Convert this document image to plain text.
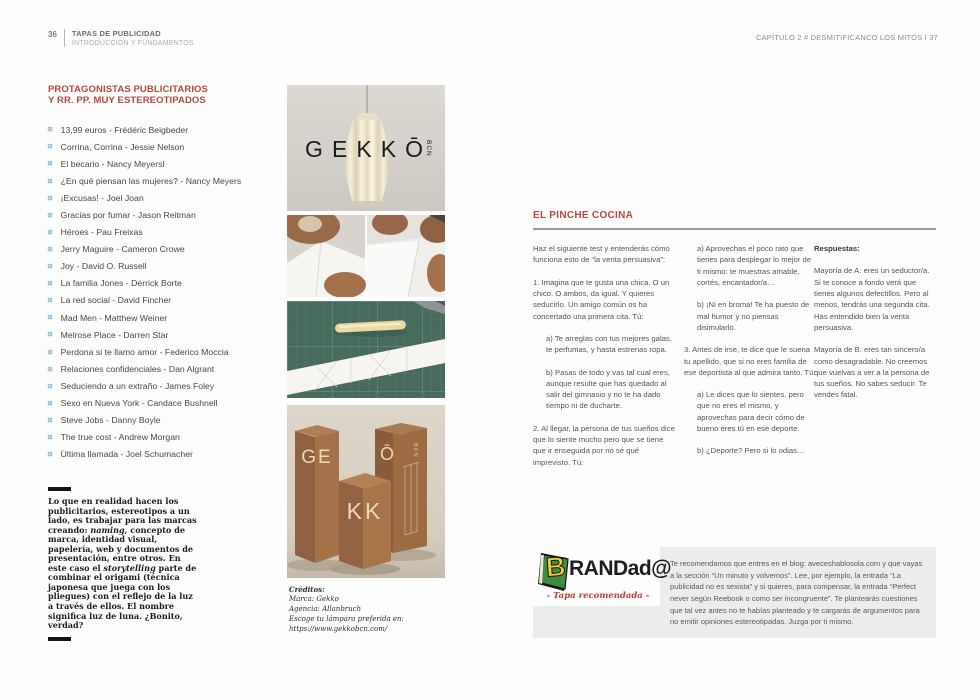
36 TAPAS DE PUBLICIDAD
INTRODUCCIÓN Y FUNDAMENTOS
CAPÍTULO 2 # DESMITIFICANCO LOS MITOS I 37
PROTAGONISTAS PUBLICITARIOS Y RR. PP. MUY ESTEREOTIPADOS
❖ 13,99 euros - Frédéric Beigbeder
❖ Corrina, Corrina - Jessie Nelson
❖ El becario - Nancy Meyersl
❖ ¿En qué piensan las mujeres? - Nancy Meyers
❖ ¡Excusas! - Joel Joan
❖ Gracias por fumar - Jason Reitman
❖ Héroes - Pau Freixas
❖ Jerry Maguire - Cameron Crowe
❖ Joy - David O. Russell
❖ La familia Jones - Derrick Borte
❖ La red social - David Fincher
❖ Mad Men - Matthew Weiner
❖ Melrose Place - Darren Star
❖ Perdona si te llamo amor - Federico Moccia
❖ Relaciones confidenciales - Dan Algrant
❖ Seduciendo a un extraño - James Foley
❖ Sexo en Nueva York - Candace Bushnell
❖ Steve Jobs - Danny Boyle
❖ The true cost - Andrew Morgan
❖ Última llamada - Joel Schumacher
Lo que en realidad hacen los publicitarios, estereotipos a un lado, es trabajar para las marcas creando: naming, concepto de marca, identidad visual, papelería, web y documentos de presentación, entre otros. En este caso el storytelling parte de combinar el origami (técnica japonesa que juega con los pliegues) con el reflejo de la luz a través de ellos. El nombre significa luz de luna. ¿Bonito, verdad?
GEKKŌ
BCN
GE	Ō	BCN
KK
Créditos:
Marca: Gekko
Agencia: Allanbruch
Escoge tu lámpara preferida en:
https://www.gekkobcn.com/
EL PINCHE COCINA

Haz el siguiente test y entenderás cómo funciona esto de “la venta persuasiva”:

1. Imagina que te gusta una chica. O un chico. O ambos, da igual. Y quieres seducirlo. Un amigo común os ha concertado una primera cita. Tú:

a) Te arreglas con tus mejores galas, te perfumas, y hasta estrenas ropa.

b) Pasas de todo y vas tal cual eres, aunque resulte que has quedado al salir del gimnasio y no te ha dado tiempo ni de ducharte.

2. Al llegar, la persona de tus sueños dice que lo siente mucho pero que se tiene que ir enseguida por no sé qué imprevisto. Tú:

a) Aprovechas el poco rato que tienes para desplegar lo mejor de ti mismo: te muestras amable, cortés, encantador/a…

b) ¡Ni en broma! Te ha puesto de mal humor y no piensas disimularlo.

3. Antes de irse, te dice que le suena tu apellido, que si no eres familia de ese deportista al que admira tanto. Tú:

a) Le dices que lo sientes, pero que no eres el mismo, y aprovechas para decir cómo de bueno eres tú en ese deporte.

b) ¿Deporte? Pero si lo odias…

Respuestas:

Mayoría de A: eres un seductor/a. Si te conoce a fondo verá que tienes algunos defectillos. Pero al menos, tendrás una segunda cita. Has entendido bien la venta persuasiva.

Mayoría de B: eres tan sincero/a como desagradable. No creemos que vuelvas a ver a la persona de tus sueños. No sabes seducir. Te vendes fatal.

B RANDad@
- Tapa recomendada -
Te recomendamos que entres en el blog: aveceshablosola.com y que vayas a la sección “Un minuto y volvemos”. Lee, por ejemplo, la entrada “La publicidad no es sexista” y si quieres, para compensar, la entrada “Perfect never según Reebook o como ser incongruente”. Te plantearás cuestiones que tal vez antes no te habías planteado y te cargarás de argumentos para no emitir opiniones estereotipadas. Juzga por ti mismo.
